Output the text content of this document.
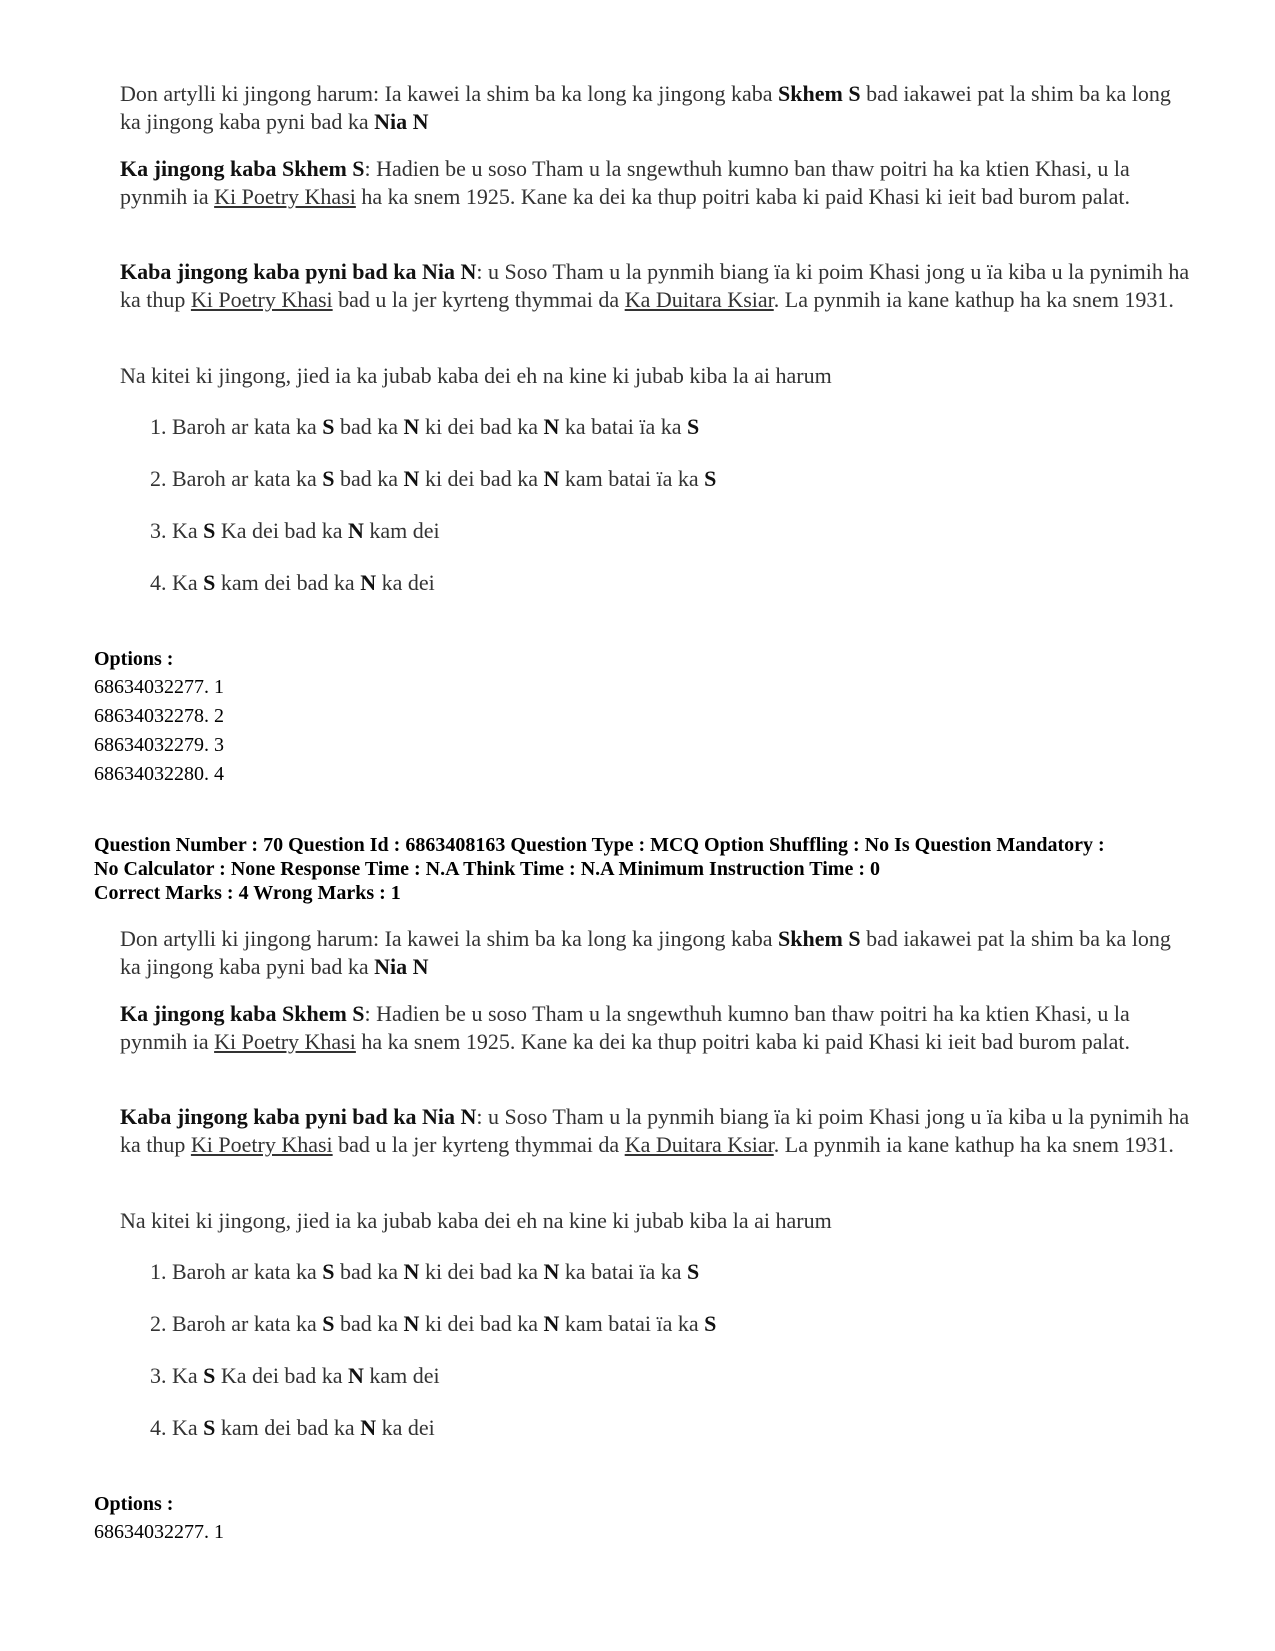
Don artylli ki jingong harum: Ia kawei la shim ba ka long ka jingong kaba Skhem S bad iakawei pat la shim ba ka long ka jingong kaba pyni bad ka Nia N

Ka jingong kaba Skhem S: Hadien be u soso Tham u la sngewthuh kumno ban thaw poitri ha ka ktien Khasi, u la pynmih ia Ki Poetry Khasi ha ka snem 1925. Kane ka dei ka thup poitri kaba ki paid Khasi ki ieit bad burom palat.

Kaba jingong kaba pyni bad ka Nia N: u Soso Tham u la pynmih biang ïa ki poim Khasi jong u ïa kiba u la pynimih ha ka thup Ki Poetry Khasi bad u la jer kyrteng thymmai da Ka Duitara Ksiar. La pynmih ia kane kathup ha ka snem 1931.

Na kitei ki jingong, jied ia ka jubab kaba dei eh na kine ki jubab kiba la ai harum

1. Baroh ar kata ka S bad ka N ki dei bad ka N ka batai ïa ka S
2. Baroh ar kata ka S bad ka N ki dei bad ka N kam batai ïa ka S
3. Ka S Ka dei bad ka N kam dei
4. Ka S kam dei bad ka N ka dei
Options :
68634032277. 1
68634032278. 2
68634032279. 3
68634032280. 4
Question Number : 70 Question Id : 6863408163 Question Type : MCQ Option Shuffling : No Is Question Mandatory :
No Calculator : None Response Time : N.A Think Time : N.A Minimum Instruction Time : 0
Correct Marks : 4 Wrong Marks : 1

Don artylli ki jingong harum: Ia kawei la shim ba ka long ka jingong kaba Skhem S bad iakawei pat la shim ba ka long ka jingong kaba pyni bad ka Nia N

Ka jingong kaba Skhem S: Hadien be u soso Tham u la sngewthuh kumno ban thaw poitri ha ka ktien Khasi, u la pynmih ia Ki Poetry Khasi ha ka snem 1925. Kane ka dei ka thup poitri kaba ki paid Khasi ki ieit bad burom palat.

Kaba jingong kaba pyni bad ka Nia N: u Soso Tham u la pynmih biang ïa ki poim Khasi jong u ïa kiba u la pynimih ha ka thup Ki Poetry Khasi bad u la jer kyrteng thymmai da Ka Duitara Ksiar. La pynmih ia kane kathup ha ka snem 1931.

Na kitei ki jingong, jied ia ka jubab kaba dei eh na kine ki jubab kiba la ai harum

1. Baroh ar kata ka S bad ka N ki dei bad ka N ka batai ïa ka S
2. Baroh ar kata ka S bad ka N ki dei bad ka N kam batai ïa ka S
3. Ka S Ka dei bad ka N kam dei
4. Ka S kam dei bad ka N ka dei
Options :
68634032277. 1
